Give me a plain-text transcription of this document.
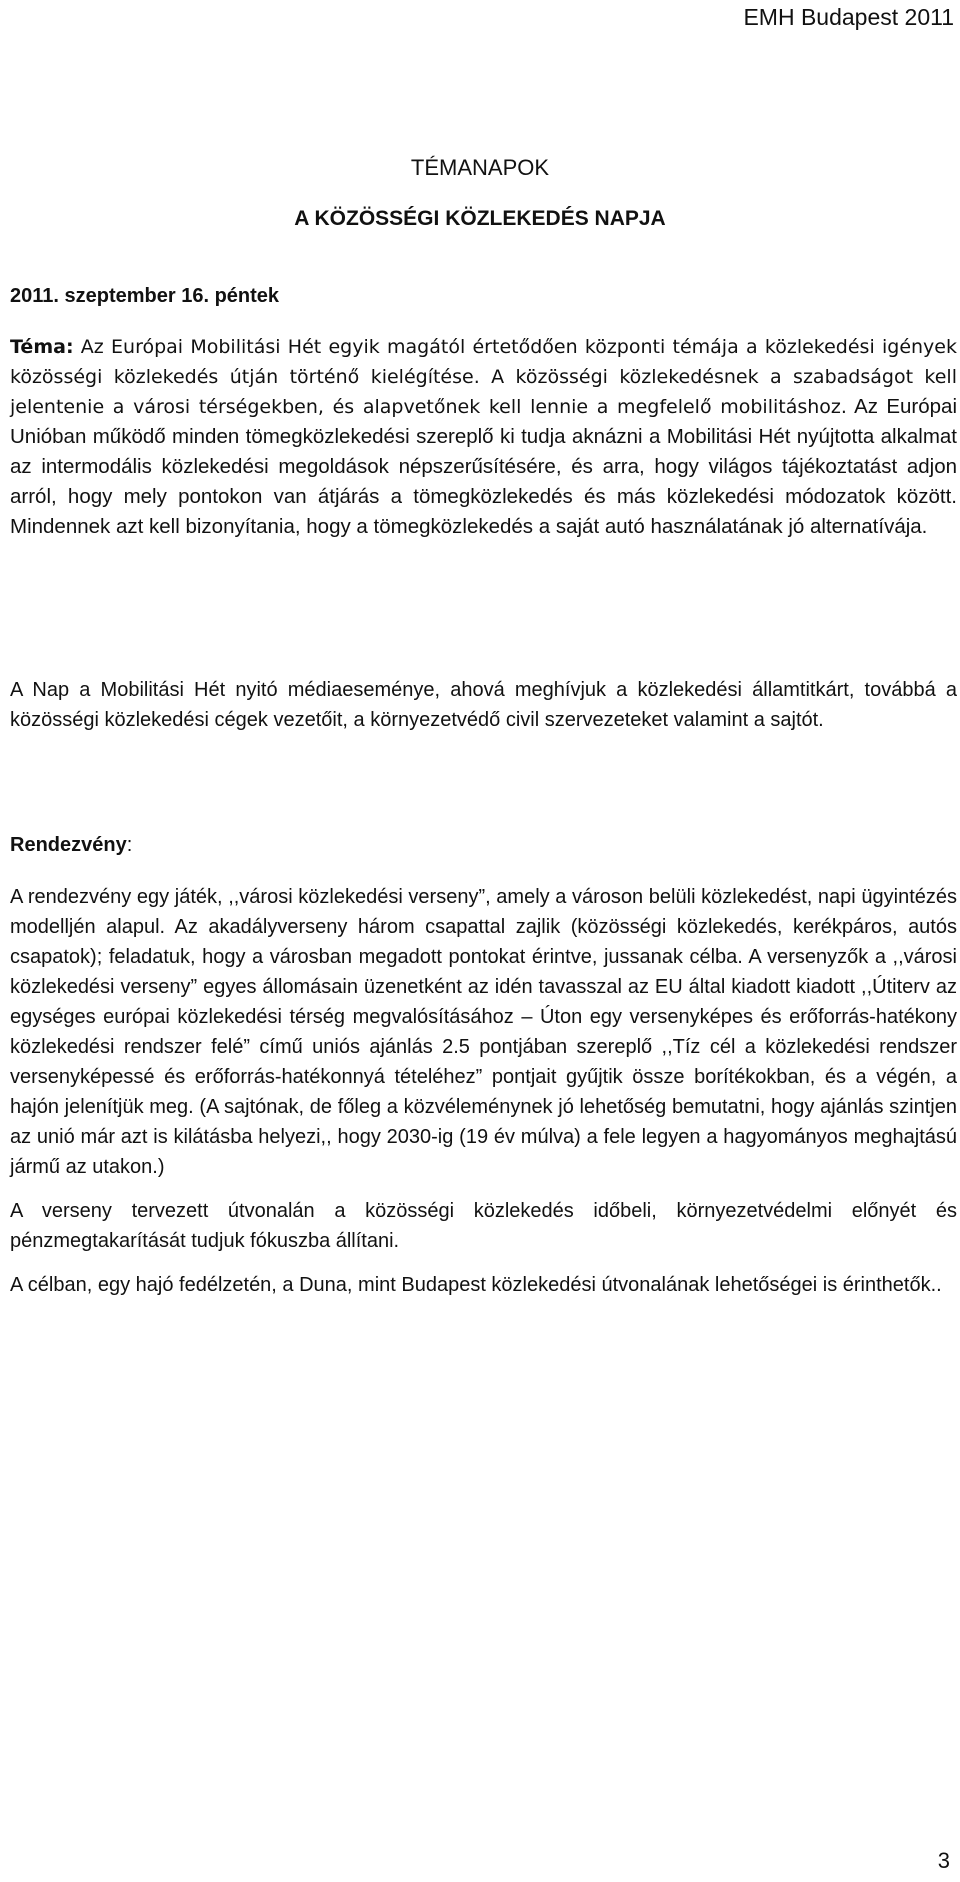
EMH Budapest 2011
TÉMANAPOK
A KÖZÖSSÉGI KÖZLEKEDÉS NAPJA
2011. szeptember 16. péntek
Téma: Az Európai Mobilitási Hét egyik magától értetődően központi témája a közlekedési igények közösségi közlekedés útján történő kielégítése. A közösségi közlekedésnek a szabadságot kell jelentenie a városi térségekben, és alapvetőnek kell lennie a megfelelő mobilitáshoz. Az Európai Unióban működő minden tömegközlekedési szereplő ki tudja aknázni a Mobilitási Hét nyújtotta alkalmat az intermodális közlekedési megoldások népszerűsítésére, és arra, hogy világos tájékoztatást adjon arról, hogy mely pontokon van átjárás a tömegközlekedés és más közlekedési módozatok között. Mindennek azt kell bizonyítania, hogy a tömegközlekedés a saját autó használatának jó alternatívája.
A Nap a Mobilitási Hét nyitó médiaeseménye, ahová meghívjuk a közlekedési államtitkárt, továbbá a közösségi közlekedési cégek vezetőit, a környezetvédő civil szervezeteket valamint a sajtót.
Rendezvény:

A rendezvény egy játék, ,,városi közlekedési verseny”, amely a városon belüli közlekedést, napi ügyintézés modelljén alapul. Az akadályverseny három csapattal zajlik (közösségi közlekedés, kerékpáros, autós csapatok); feladatuk, hogy a városban megadott pontokat érintve, jussanak célba. A versenyzők a ,,városi közlekedési verseny” egyes állomásain üzenetként az idén tavasszal az EU által kiadott kiadott ,,Útiterv az egységes európai közlekedési térség megvalósításához – Úton egy versenyképes és erőforrás-hatékony közlekedési rendszer felé” című uniós ajánlás 2.5 pontjában szereplő ,,Tíz cél a közlekedési rendszer versenyképessé és erőforrás-hatékonnyá tételéhez” pontjait gyűjtik össze borítékokban, és a végén, a hajón jelenítjük meg. (A sajtónak, de főleg a közvéleménynek jó lehetőség bemutatni, hogy ajánlás szintjen az unió már azt is kilátásba helyezi,, hogy 2030-ig (19 év múlva) a fele legyen a hagyományos meghajtású jármű az utakon.)

A verseny tervezett útvonalán a közösségi közlekedés időbeli, környezetvédelmi előnyét és pénzmegtakarítását tudjuk fókuszba állítani.

A célban, egy hajó fedélzetén, a Duna, mint Budapest közlekedési útvonalának lehetőségei is érinthetők..

3
